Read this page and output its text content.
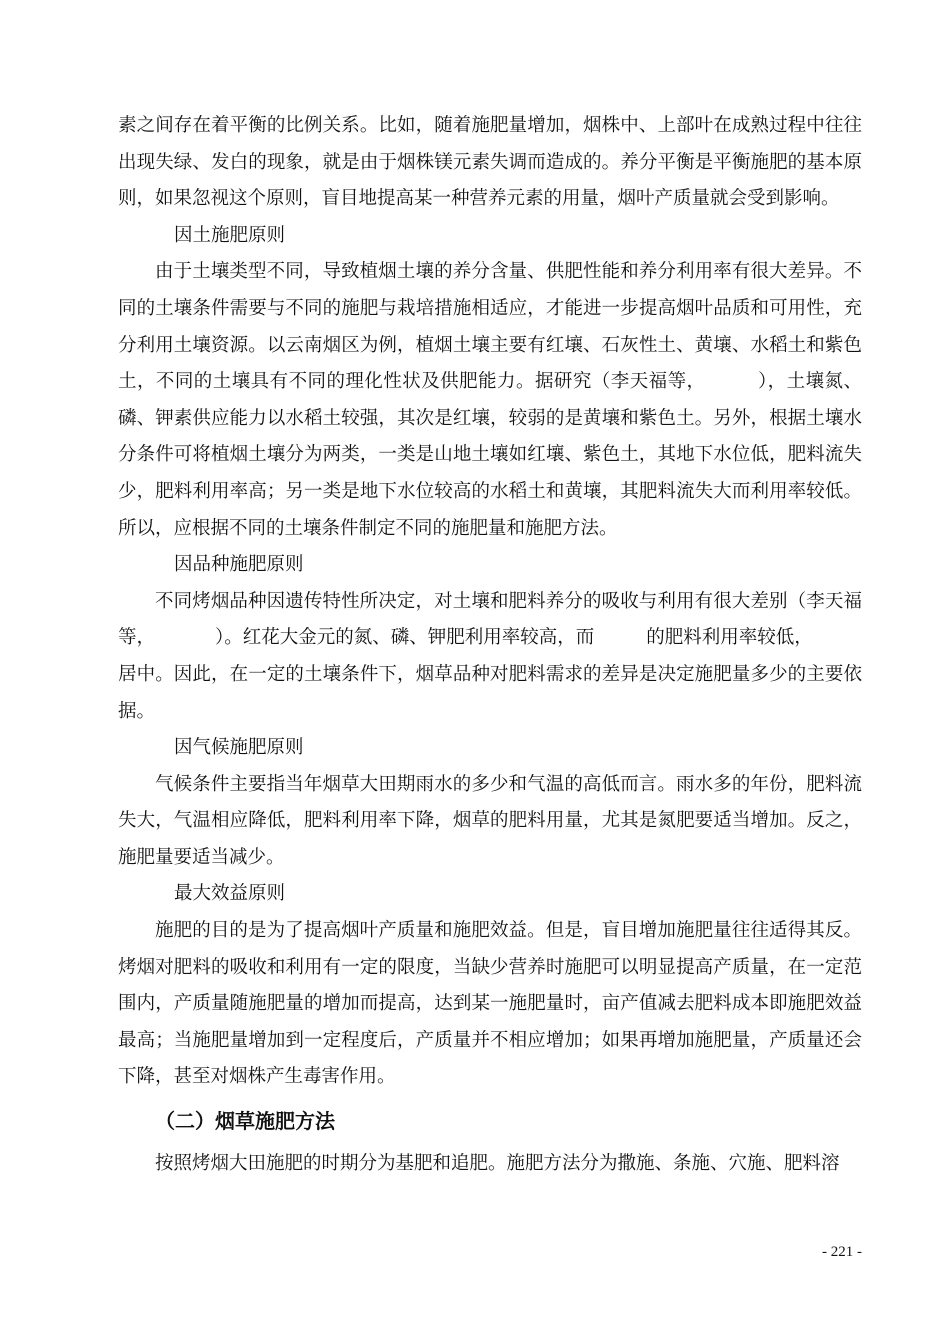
素之间存在着平衡的比例关系。比如，随着施肥量增加，烟株中、上部叶在成熟过程中往往出现失绿、发白的现象，就是由于烟株镁元素失调而造成的。养分平衡是平衡施肥的基本原则，如果忽视这个原则，盲目地提高某一种营养元素的用量，烟叶产质量就会受到影响。

因土施肥原则

由于土壤类型不同，导致植烟土壤的养分含量、供肥性能和养分利用率有很大差异。不同的土壤条件需要与不同的施肥与栽培措施相适应，才能进一步提高烟叶品质和可用性，充分利用土壤资源。以云南烟区为例，植烟土壤主要有红壤、石灰性土、黄壤、水稻土和紫色土，不同的土壤具有不同的理化性状及供肥能力。据研究（李天福等，	），土壤氮、磷、钾素供应能力以水稻土较强，其次是红壤，较弱的是黄壤和紫色土。另外，根据土壤水分条件可将植烟土壤分为两类，一类是山地土壤如红壤、紫色土，其地下水位低，肥料流失少，肥料利用率高；另一类是地下水位较高的水稻土和黄壤，其肥料流失大而利用率较低。所以，应根据不同的土壤条件制定不同的施肥量和施肥方法。

因品种施肥原则

不同烤烟品种因遗传特性所决定，对土壤和肥料养分的吸收与利用有很大差别（李天福等，	）。红花大金元的氮、磷、钾肥利用率较高，而	的肥料利用率较低，
居中。因此，在一定的土壤条件下，烟草品种对肥料需求的差异是决定施肥量多少的主要依据。

因气候施肥原则

气候条件主要指当年烟草大田期雨水的多少和气温的高低而言。雨水多的年份，肥料流失大，气温相应降低，肥料利用率下降，烟草的肥料用量，尤其是氮肥要适当增加。反之，施肥量要适当减少。

最大效益原则

施肥的目的是为了提高烟叶产质量和施肥效益。但是，盲目增加施肥量往往适得其反。烤烟对肥料的吸收和利用有一定的限度，当缺少营养时施肥可以明显提高产质量，在一定范围内，产质量随施肥量的增加而提高，达到某一施肥量时，亩产值减去肥料成本即施肥效益最高；当施肥量增加到一定程度后，产质量并不相应增加；如果再增加施肥量，产质量还会下降，甚至对烟株产生毒害作用。

（二）烟草施肥方法

按照烤烟大田施肥的时期分为基肥和追肥。施肥方法分为撒施、条施、穴施、肥料溶

- 221 -
